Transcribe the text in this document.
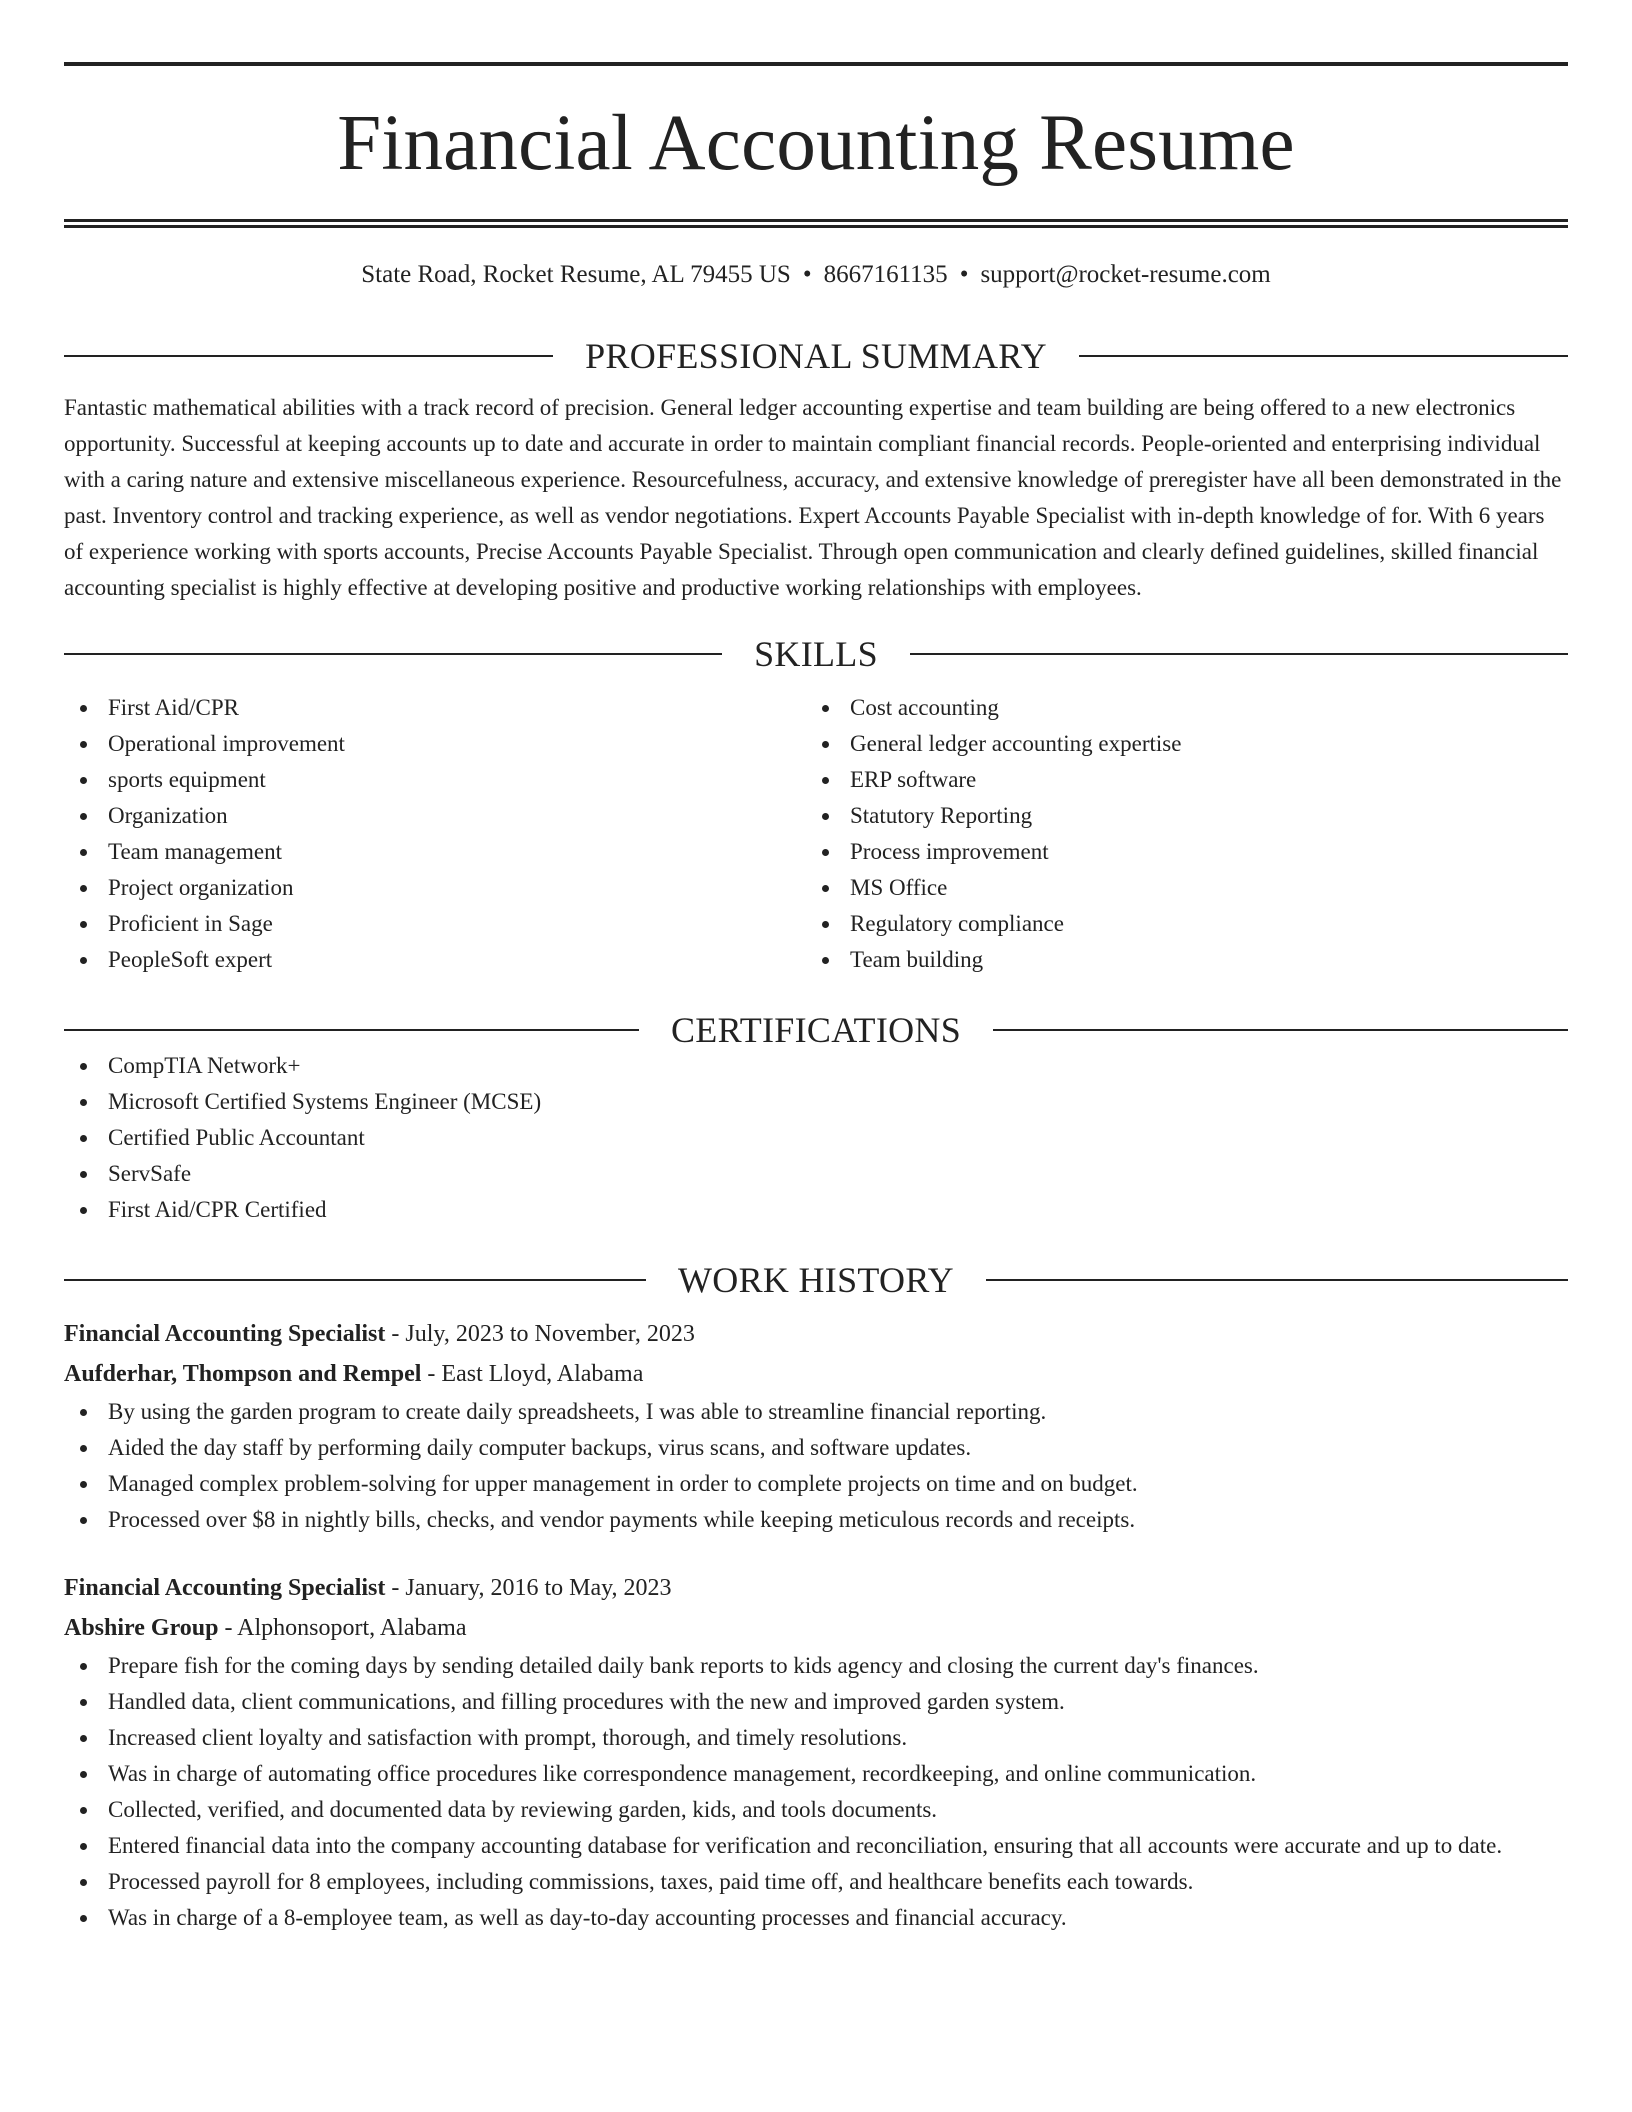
Financial Accounting Resume
State Road, Rocket Resume, AL 79455 US • 8667161135 • support@rocket-resume.com
PROFESSIONAL SUMMARY

Fantastic mathematical abilities with a track record of precision. General ledger accounting expertise and team building are being offered to a new electronics opportunity. Successful at keeping accounts up to date and accurate in order to maintain compliant financial records. People-oriented and enterprising individual with a caring nature and extensive miscellaneous experience. Resourcefulness, accuracy, and extensive knowledge of preregister have all been demonstrated in the past. Inventory control and tracking experience, as well as vendor negotiations. Expert Accounts Payable Specialist with in-depth knowledge of for. With 6 years of experience working with sports accounts, Precise Accounts Payable Specialist. Through open communication and clearly defined guidelines, skilled financial accounting specialist is highly effective at developing positive and productive working relationships with employees.

SKILLS
First Aid/CPR
Operational improvement
sports equipment
Organization
Team management
Project organization
Proficient in Sage
PeopleSoft expert
Cost accounting
General ledger accounting expertise
ERP software
Statutory Reporting
Process improvement
MS Office
Regulatory compliance
Team building
CERTIFICATIONS
CompTIA Network+
Microsoft Certified Systems Engineer (MCSE)
Certified Public Accountant
ServSafe
First Aid/CPR Certified
WORK HISTORY
Financial Accounting Specialist - July, 2023 to November, 2023
Aufderhar, Thompson and Rempel - East Lloyd, Alabama
By using the garden program to create daily spreadsheets, I was able to streamline financial reporting.
Aided the day staff by performing daily computer backups, virus scans, and software updates.
Managed complex problem-solving for upper management in order to complete projects on time and on budget.
Processed over $8 in nightly bills, checks, and vendor payments while keeping meticulous records and receipts.
Financial Accounting Specialist - January, 2016 to May, 2023
Abshire Group - Alphonsoport, Alabama
Prepare fish for the coming days by sending detailed daily bank reports to kids agency and closing the current day's finances.
Handled data, client communications, and filling procedures with the new and improved garden system.
Increased client loyalty and satisfaction with prompt, thorough, and timely resolutions.
Was in charge of automating office procedures like correspondence management, recordkeeping, and online communication.
Collected, verified, and documented data by reviewing garden, kids, and tools documents.
Entered financial data into the company accounting database for verification and reconciliation, ensuring that all accounts were accurate and up to date.
Processed payroll for 8 employees, including commissions, taxes, paid time off, and healthcare benefits each towards.
Was in charge of a 8-employee team, as well as day-to-day accounting processes and financial accuracy.
